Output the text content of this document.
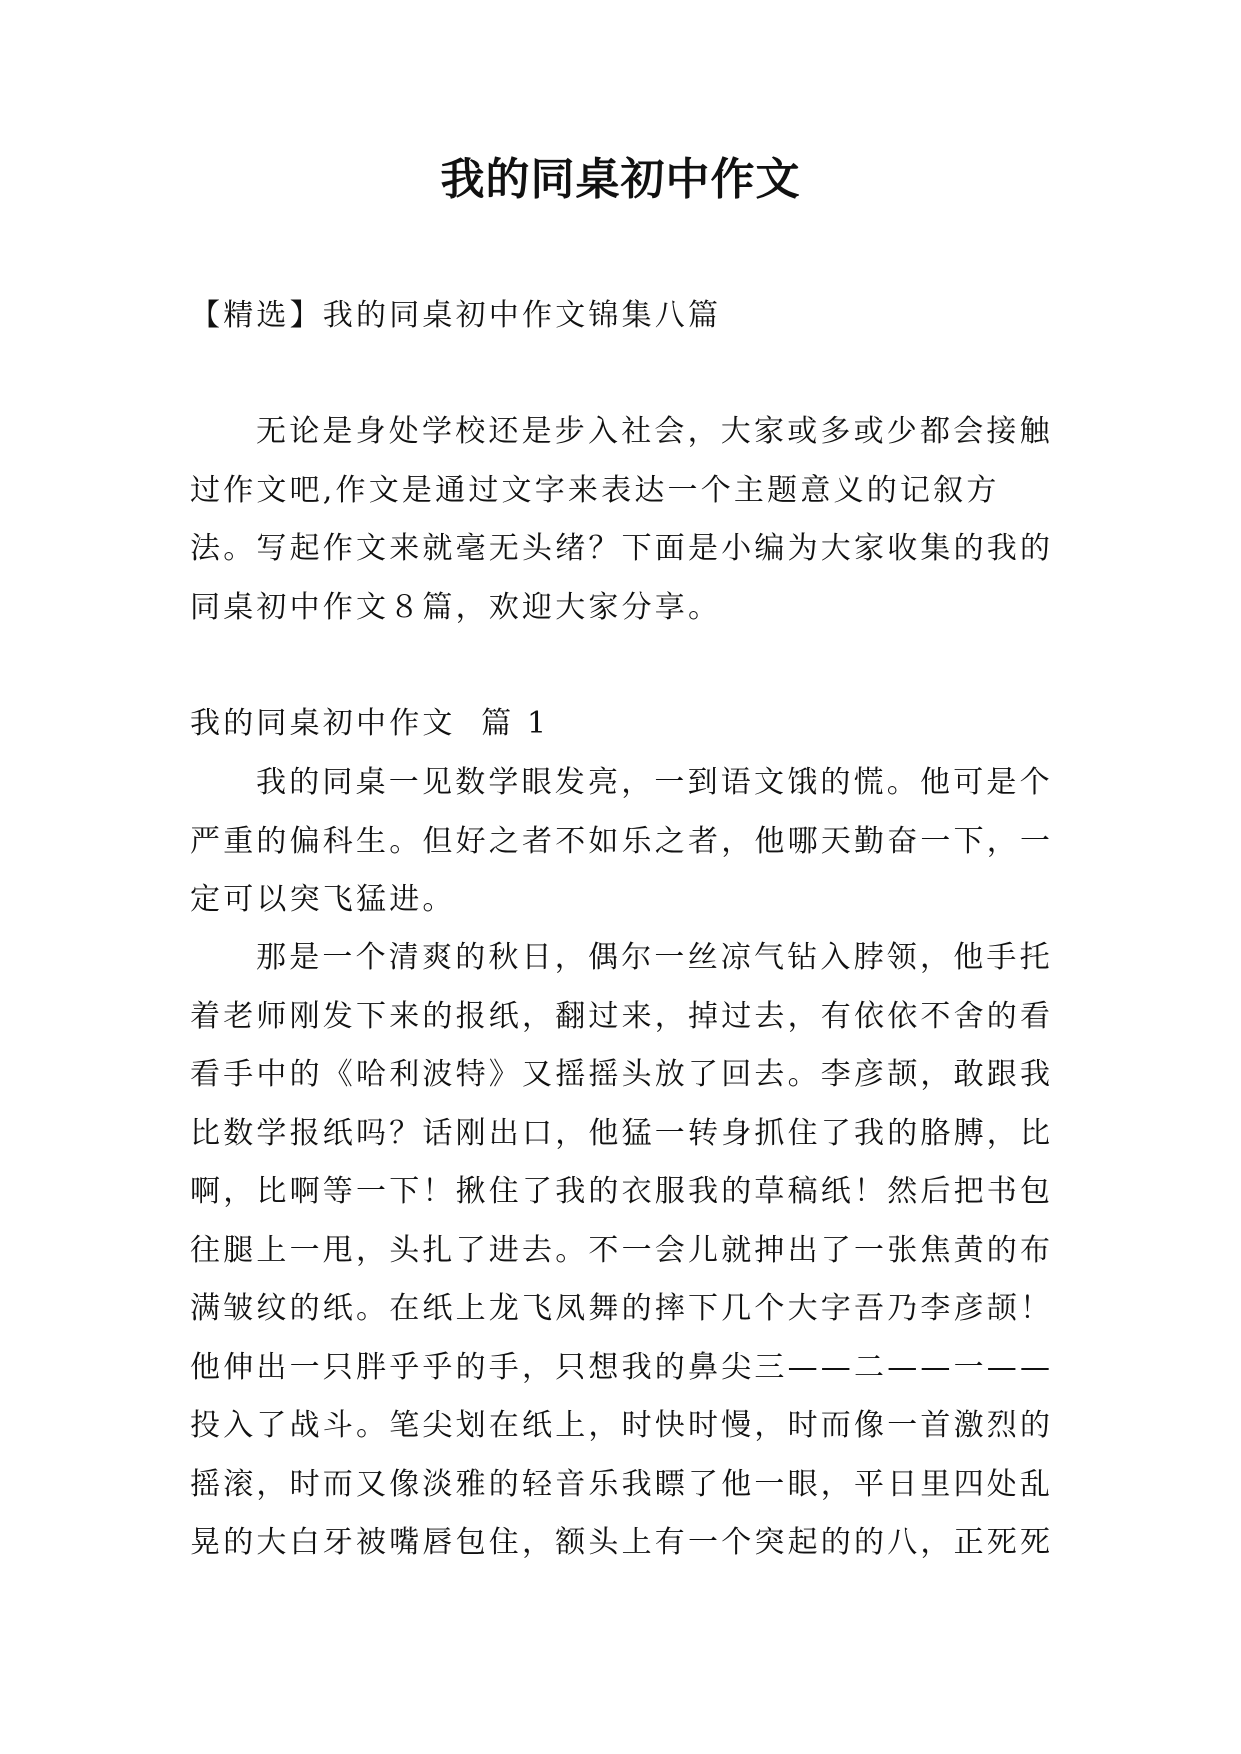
我的同桌初中作文

【精选】我的同桌初中作文锦集八篇

无论是身处学校还是步入社会，大家或多或少都会接触过作文吧,作文是通过文字来表达一个主题意义的记叙方法。写起作文来就毫无头绪？下面是小编为大家收集的我的同桌初中作文８篇，欢迎大家分享。

我的同桌初中作文  篇 1

我的同桌一见数学眼发亮，一到语文饿的慌。他可是个严重的偏科生。但好之者不如乐之者，他哪天勤奋一下，一定可以突飞猛进。

那是一个清爽的秋日，偶尔一丝凉气钻入脖领，他手托着老师刚发下来的报纸，翻过来，掉过去，有依依不舍的看看手中的《哈利波特》又摇摇头放了回去。李彦颉，敢跟我比数学报纸吗？话刚出口，他猛一转身抓住了我的胳膊，比啊，比啊等一下！揪住了我的衣服我的草稿纸！然后把书包往腿上一甩，头扎了进去。不一会儿就抻出了一张焦黄的布满皱纹的纸。在纸上龙飞凤舞的摔下几个大字吾乃李彦颉！他伸出一只胖乎乎的手，只想我的鼻尖三——二——一——投入了战斗。笔尖划在纸上，时快时慢，时而像一首激烈的摇滚，时而又像淡雅的轻音乐我瞟了他一眼，平日里四处乱晃的大白牙被嘴唇包住，额头上有一个突起的的八，正死死
